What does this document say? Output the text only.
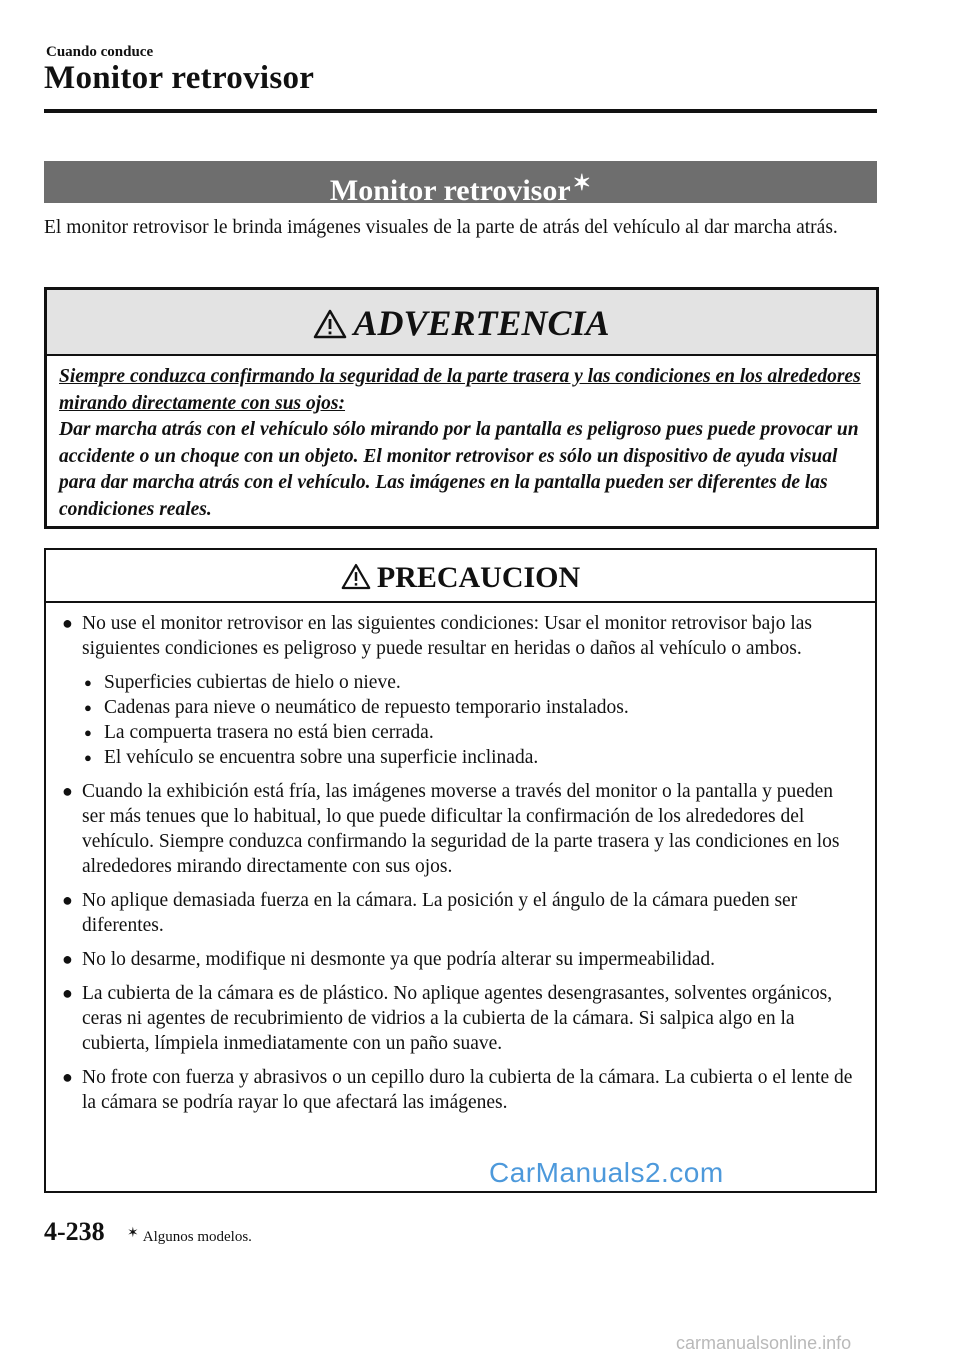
Cuando conduce
Monitor retrovisor
Monitor retrovisor✶
El monitor retrovisor le brinda imágenes visuales de la parte de atrás del vehículo al dar marcha atrás.
ADVERTENCIA
Siempre conduzca confirmando la seguridad de la parte trasera y las condiciones en los alrededores mirando directamente con sus ojos:
Dar marcha atrás con el vehículo sólo mirando por la pantalla es peligroso pues puede provocar un accidente o un choque con un objeto. El monitor retrovisor es sólo un dispositivo de ayuda visual para dar marcha atrás con el vehículo. Las imágenes en la pantalla pueden ser diferentes de las condiciones reales.
PRECAUCION
● No use el monitor retrovisor en las siguientes condiciones: Usar el monitor retrovisor bajo las siguientes condiciones es peligroso y puede resultar en heridas o daños al vehículo o ambos.
● Superficies cubiertas de hielo o nieve.
● Cadenas para nieve o neumático de repuesto temporario instalados.
● La compuerta trasera no está bien cerrada.
● El vehículo se encuentra sobre una superficie inclinada.
● Cuando la exhibición está fría, las imágenes moverse a través del monitor o la pantalla y pueden ser más tenues que lo habitual, lo que puede dificultar la confirmación de los alrededores del vehículo. Siempre conduzca confirmando la seguridad de la parte trasera y las condiciones en los alrededores mirando directamente con sus ojos.
● No aplique demasiada fuerza en la cámara. La posición y el ángulo de la cámara pueden ser diferentes.
● No lo desarme, modifique ni desmonte ya que podría alterar su impermeabilidad.
● La cubierta de la cámara es de plástico. No aplique agentes desengrasantes, solventes orgánicos, ceras ni agentes de recubrimiento de vidrios a la cubierta de la cámara. Si salpica algo en la cubierta, límpiela inmediatamente con un paño suave.
● No frote con fuerza y abrasivos o un cepillo duro la cubierta de la cámara. La cubierta o el lente de la cámara se podría rayar lo que afectará las imágenes.
CarManuals2.com
4-238 ✶ Algunos modelos.
carmanualsonline.info
